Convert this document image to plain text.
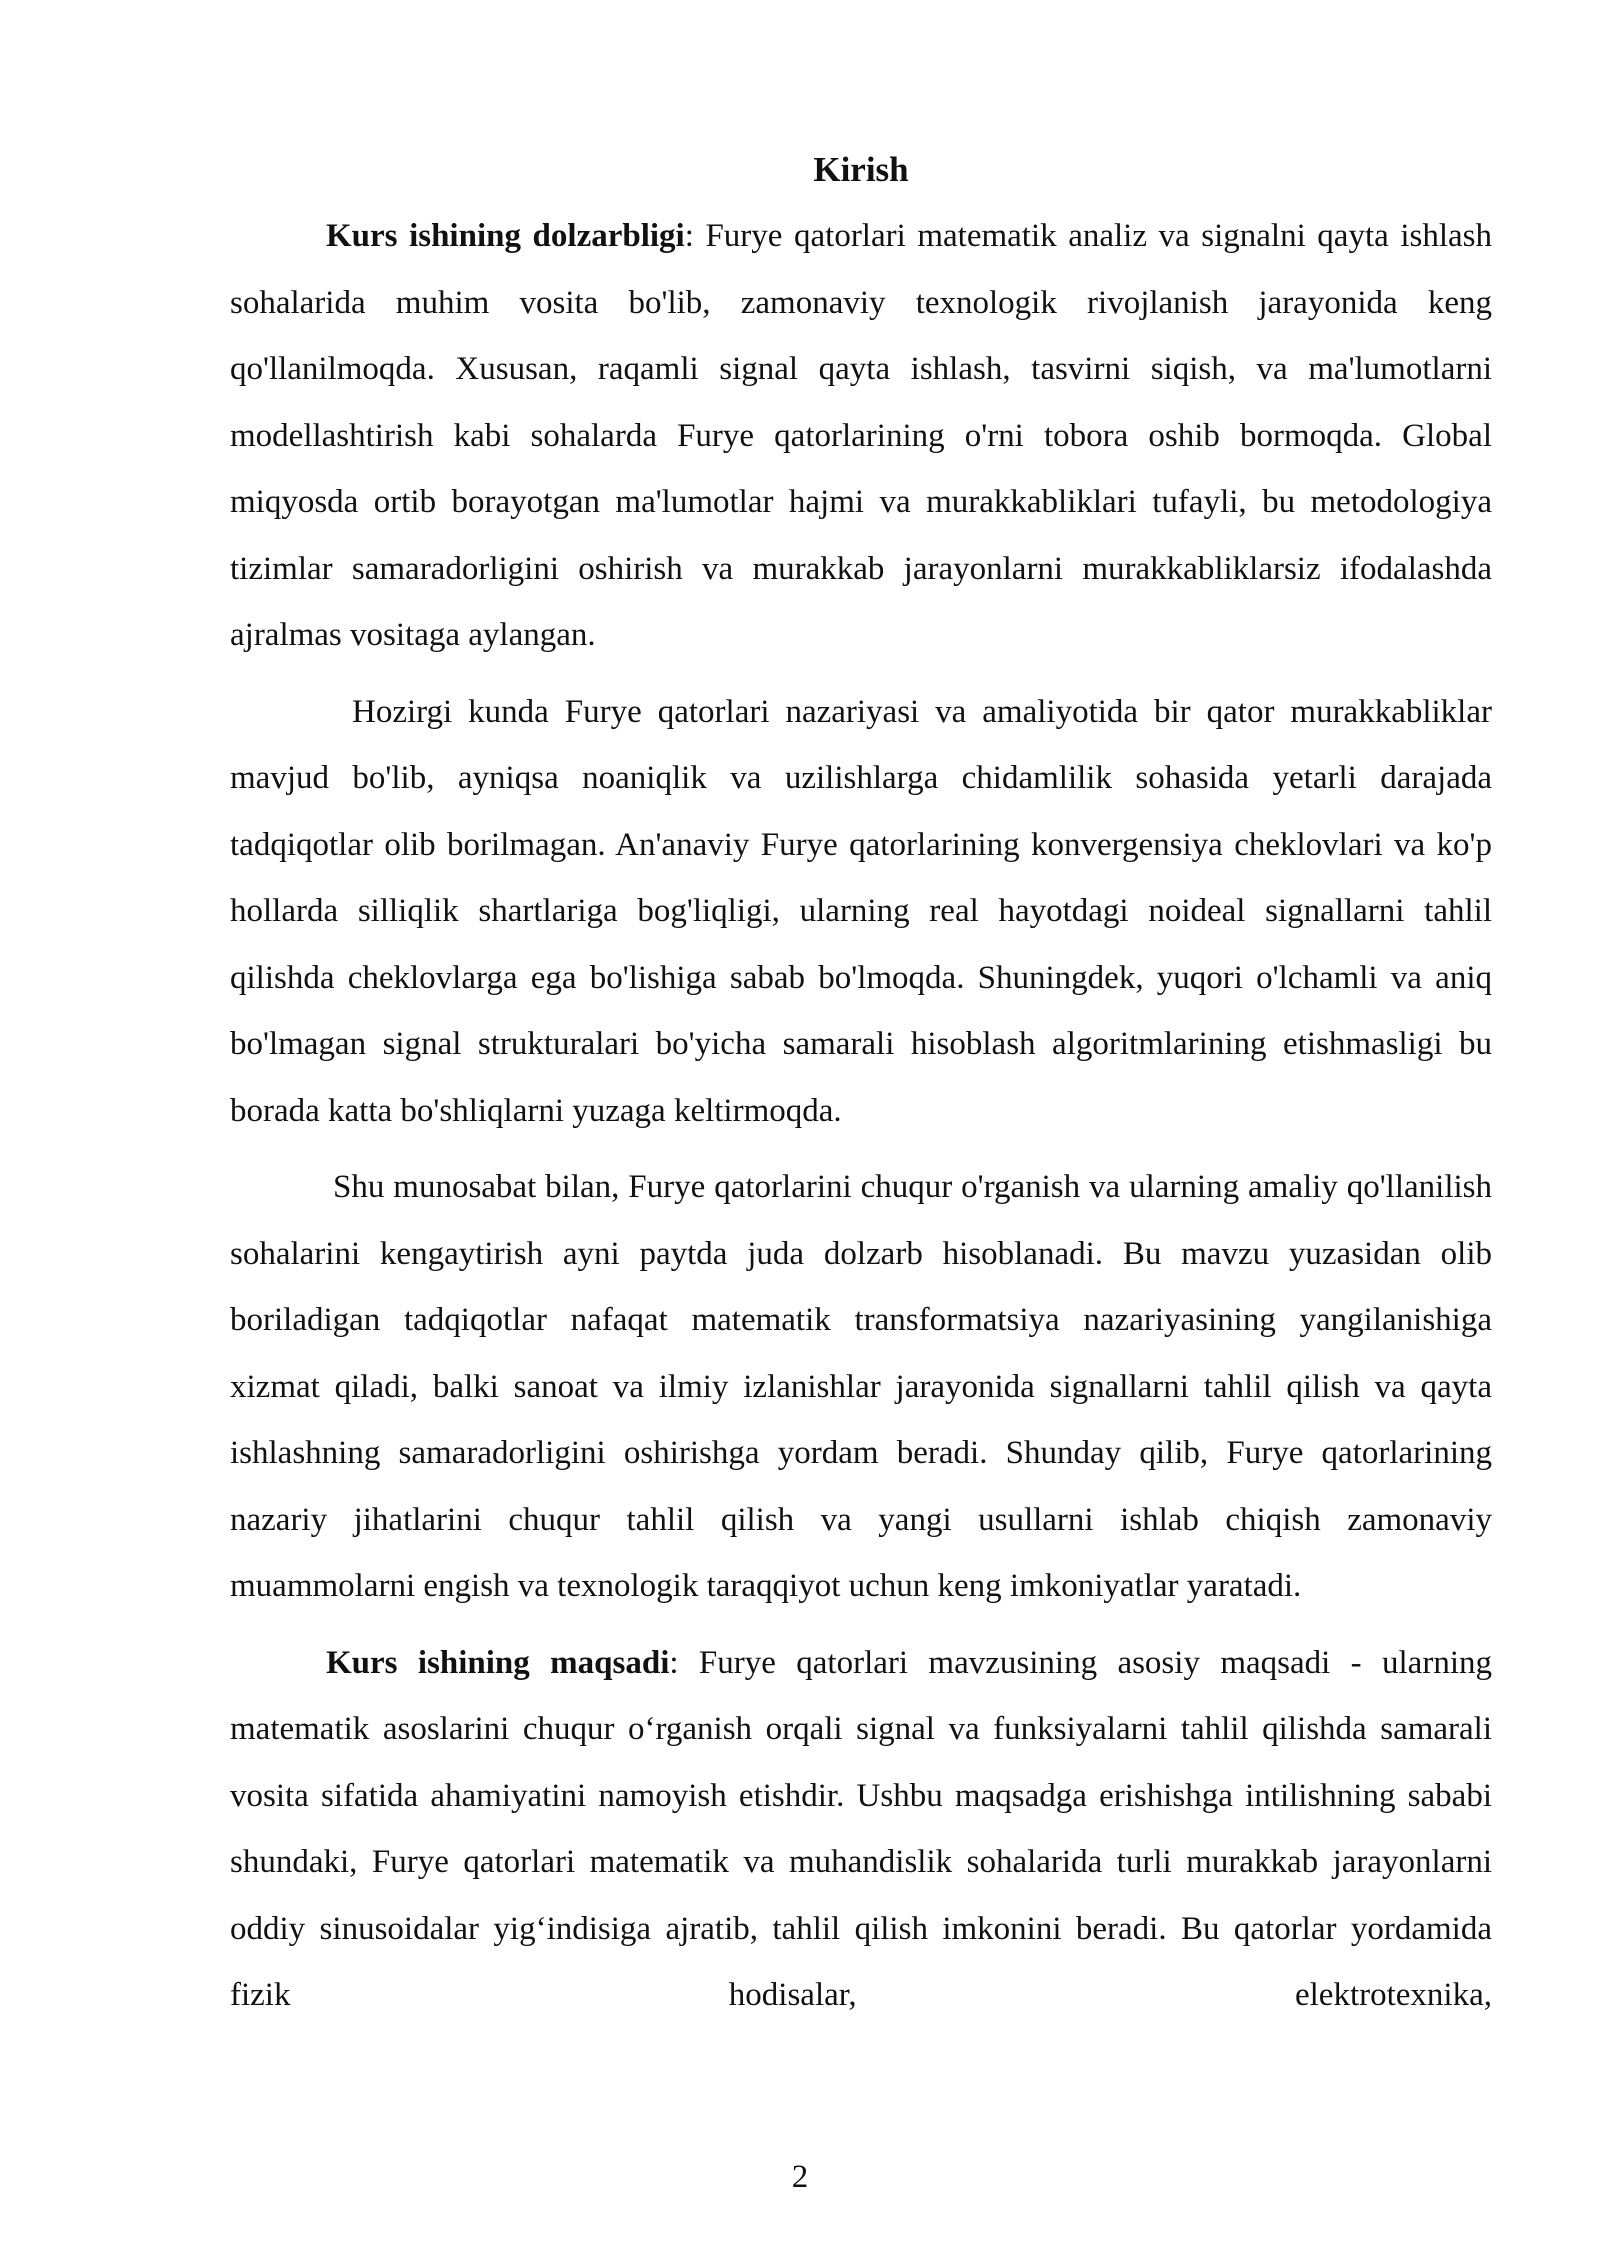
Kirish

Kurs ishining dolzarbligi: Furye qatorlari matematik analiz va signalni qayta ishlash sohalarida muhim vosita bo'lib, zamonaviy texnologik rivojlanish jarayonida keng qo'llanilmoqda. Xususan, raqamli signal qayta ishlash, tasvirni siqish, va ma'lumotlarni modellashtirish kabi sohalarda Furye qatorlarining o'rni tobora oshib bormoqda. Global miqyosda ortib borayotgan ma'lumotlar hajmi va murakkabliklari tufayli, bu metodologiya tizimlar samaradorligini oshirish va murakkab jarayonlarni murakkabliklarsiz ifodalashda ajralmas vositaga aylangan.

Hozirgi kunda Furye qatorlari nazariyasi va amaliyotida bir qator murakkabliklar mavjud bo'lib, ayniqsa noaniqlik va uzilishlarga chidamlilik sohasida yetarli darajada tadqiqotlar olib borilmagan. An'anaviy Furye qatorlarining konvergensiya cheklovlari va ko'p hollarda silliqlik shartlariga bog'liqligi, ularning real hayotdagi noideal signallarni tahlil qilishda cheklovlarga ega bo'lishiga sabab bo'lmoqda. Shuningdek, yuqori o'lchamli va aniq bo'lmagan signal strukturalari bo'yicha samarali hisoblash algoritmlarining etishmasligi bu borada katta bo'shliqlarni yuzaga keltirmoqda.

Shu munosabat bilan, Furye qatorlarini chuqur o'rganish va ularning amaliy qo'llanilish sohalarini kengaytirish ayni paytda juda dolzarb hisoblanadi. Bu mavzu yuzasidan olib boriladigan tadqiqotlar nafaqat matematik transformatsiya nazariyasining yangilanishiga xizmat qiladi, balki sanoat va ilmiy izlanishlar jarayonida signallarni tahlil qilish va qayta ishlashning samaradorligini oshirishga yordam beradi. Shunday qilib, Furye qatorlarining nazariy jihatlarini chuqur tahlil qilish va yangi usullarni ishlab chiqish zamonaviy muammolarni engish va texnologik taraqqiyot uchun keng imkoniyatlar yaratadi.

Kurs ishining maqsadi: Furye qatorlari mavzusining asosiy maqsadi - ularning matematik asoslarini chuqur o‘rganish orqali signal va funksiyalarni tahlil qilishda samarali vosita sifatida ahamiyatini namoyish etishdir. Ushbu maqsadga erishishga intilishning sababi shundaki, Furye qatorlari matematik va muhandislik sohalarida turli murakkab jarayonlarni oddiy sinusoidalar yig‘indisiga ajratib, tahlil qilish imkonini beradi. Bu qatorlar yordamida fizik hodisalar, elektrotexnika,

2
